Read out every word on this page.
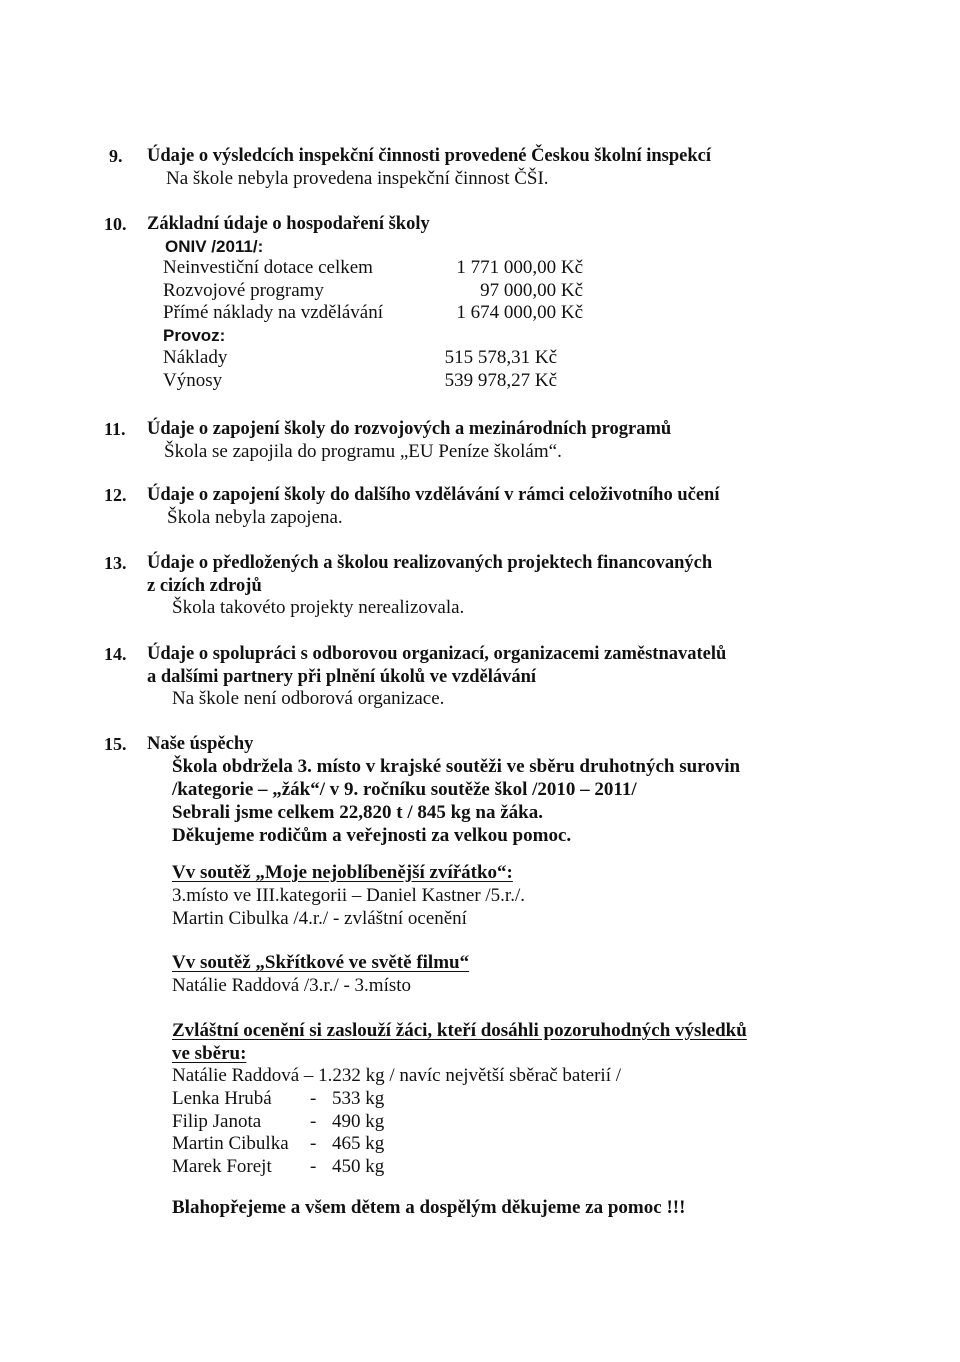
9. Údaje o výsledcích inspekční činnosti provedené Českou školní inspekcí
Na škole nebyla provedena inspekční činnost ČŠI.
10. Základní údaje o hospodaření školy
ONIV /2011/:
Neinvestiční dotace celkem	1 771 000,00 Kč
Rozvojové programy	97 000,00 Kč
Přímé náklady na vzdělávání	1 674 000,00 Kč
Provoz:
Náklady	515 578,31 Kč
Výnosy	539 978,27 Kč
11. Údaje o zapojení školy do rozvojových a mezinárodních programů
Škola se zapojila do programu „EU Peníze školám“.
12. Údaje o zapojení školy do dalšího vzdělávání v rámci celoživotního učení
Škola nebyla zapojena.
13. Údaje o předložených a školou realizovaných projektech financovaných
z cizích zdrojů
Škola takovéto projekty nerealizovala.
14. Údaje o spolupráci s odborovou organizací, organizacemi zaměstnavatelů
a dalšími partnery při plnění úkolů ve vzdělávání
Na škole není odborová organizace.
15. Naše úspěchy
Škola obdržela 3. místo v krajské soutěži ve sběru druhotných surovin
/kategorie – „žák“/ v 9. ročníku soutěže škol /2010 – 2011/
Sebrali jsme celkem 22,820 t / 845 kg na žáka.
Děkujeme rodičům a veřejnosti za velkou pomoc.
Vv soutěž „Moje nejoblíbenější zvířátko“:
3.místo ve III.kategorii – Daniel Kastner /5.r./.
Martin Cibulka /4.r./ - zvláštní ocenění
Vv soutěž „Skřítkové ve světě filmu“
Natálie Raddová /3.r./ - 3.místo
Zvláštní ocenění si zaslouží žáci, kteří dosáhli pozoruhodných výsledků
ve sběru:
Natálie Raddová – 1.232 kg / navíc největší sběrač baterií /
Lenka Hrubá - 533 kg
Filip Janota	- 490 kg
Martin Cibulka - 465 kg
Marek Forejt - 450 kg
Blahopřejeme a všem dětem a dospělým děkujeme za pomoc !!!
